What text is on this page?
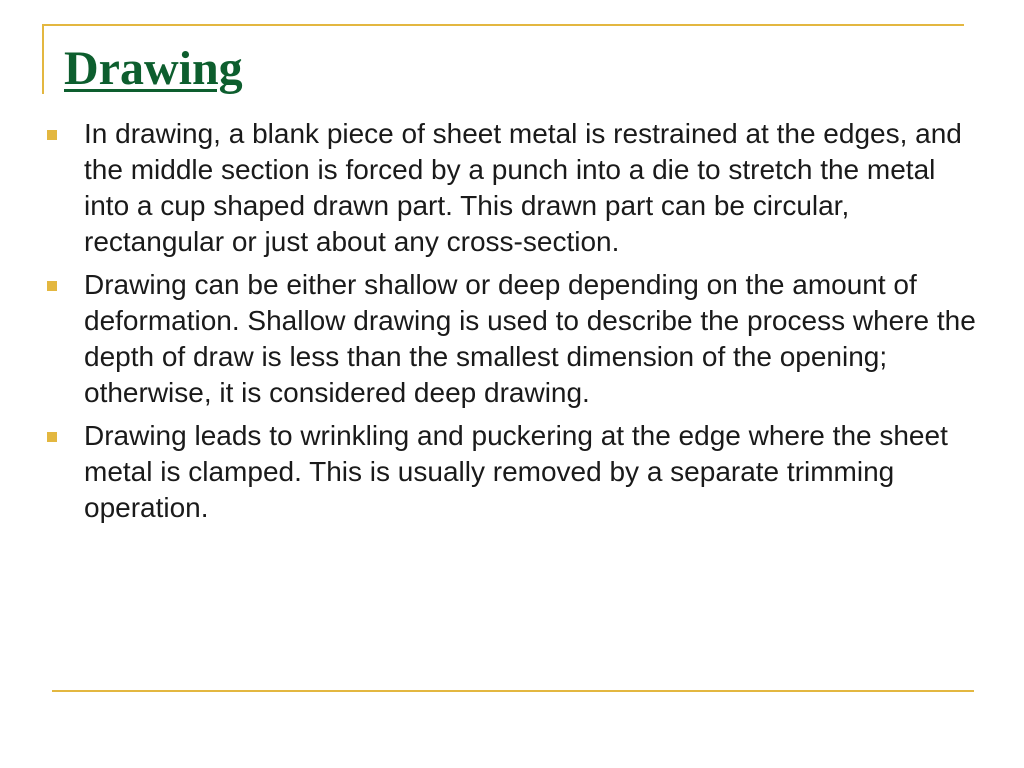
Drawing
In drawing, a blank piece of sheet metal is restrained at the edges, and the middle section is forced by a punch into a die to stretch the metal into a cup shaped drawn part. This drawn part can be circular, rectangular or just about any cross-section.
Drawing can be either shallow or deep depending on the amount of deformation. Shallow drawing is used to describe the process where the depth of draw is less than the smallest dimension of the opening; otherwise, it is considered deep drawing.
Drawing leads to wrinkling and puckering at the edge where the sheet metal is clamped. This is usually removed by a separate trimming operation.
